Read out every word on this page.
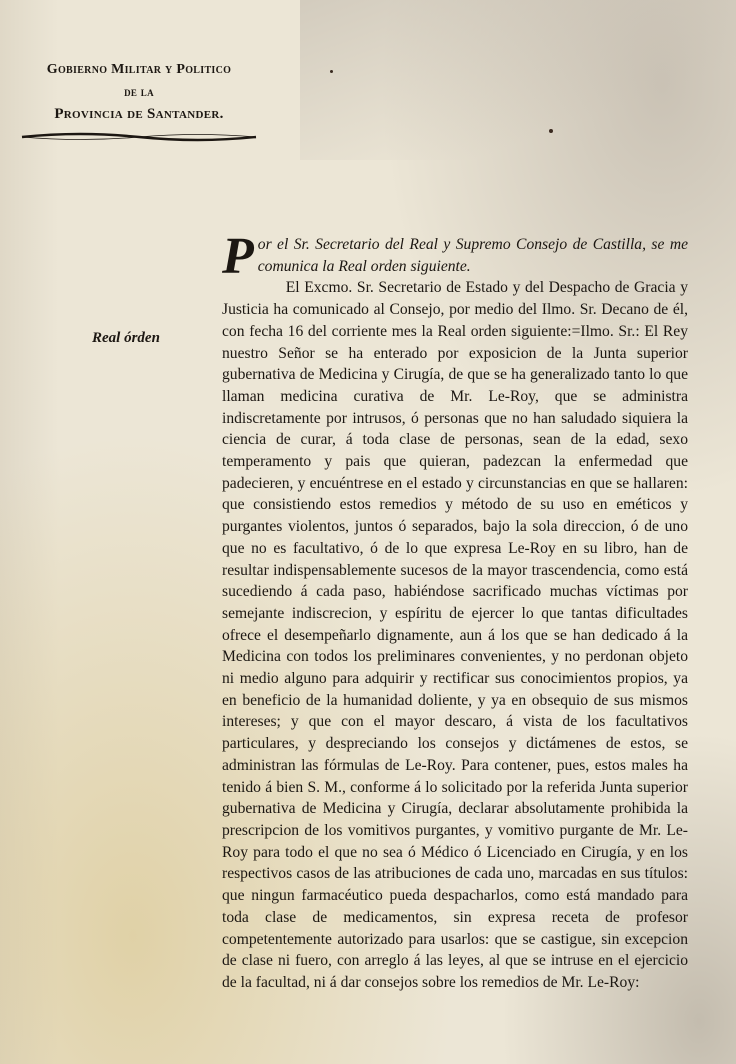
Gobierno Militar y Politico
de la
Provincia de Santander.
Real órden

Por el Sr. Secretario del Real y Supremo Consejo de Castilla, se me comunica la Real orden siguiente.

El Excmo. Sr. Secretario de Estado y del Despacho de Gracia y Justicia ha comunicado al Consejo, por medio del Ilmo. Sr. Decano de él, con fecha 16 del corriente mes la Real orden siguiente:=Ilmo. Sr.: El Rey nuestro Señor se ha enterado por exposicion de la Junta superior gubernativa de Medicina y Cirugía, de que se ha generalizado tanto lo que llaman medicina curativa de Mr. Le-Roy, que se administra indiscretamente por intrusos, ó personas que no han saludado siquiera la ciencia de curar, á toda clase de personas, sean de la edad, sexo temperamento y pais que quieran, padezcan la enfermedad que padecieren, y encuéntrese en el estado y circunstancias en que se hallaren: que consistiendo estos remedios y método de su uso en eméticos y purgantes violentos, juntos ó separados, bajo la sola direccion, ó de uno que no es facultativo, ó de lo que expresa Le-Roy en su libro, han de resultar indispensablemente sucesos de la mayor trascendencia, como está sucediendo á cada paso, habiéndose sacrificado muchas víctimas por semejante indiscrecion, y espíritu de ejercer lo que tantas dificultades ofrece el desempeñarlo dignamente, aun á los que se han dedicado á la Medicina con todos los preliminares convenientes, y no perdonan objeto ni medio alguno para adquirir y rectificar sus conocimientos propios, ya en beneficio de la humanidad doliente, y ya en obsequio de sus mismos intereses; y que con el mayor descaro, á vista de los facultativos particulares, y despreciando los consejos y dictámenes de estos, se administran las fórmulas de Le-Roy. Para contener, pues, estos males ha tenido á bien S. M., conforme á lo solicitado por la referida Junta superior gubernativa de Medicina y Cirugía, declarar absolutamente prohibida la prescripcion de los vomitivos purgantes, y vomitivo purgante de Mr. Le-Roy para todo el que no sea ó Médico ó Licenciado en Cirugía, y en los respectivos casos de las atribuciones de cada uno, marcadas en sus títulos: que ningun farmacéutico pueda despacharlos, como está mandado para toda clase de medicamentos, sin expresa receta de profesor competentemente autorizado para usarlos: que se castigue, sin excepcion de clase ni fuero, con arreglo á las leyes, al que se intruse en el ejercicio de la facultad, ni á dar consejos sobre los remedios de Mr. Le-Roy:
